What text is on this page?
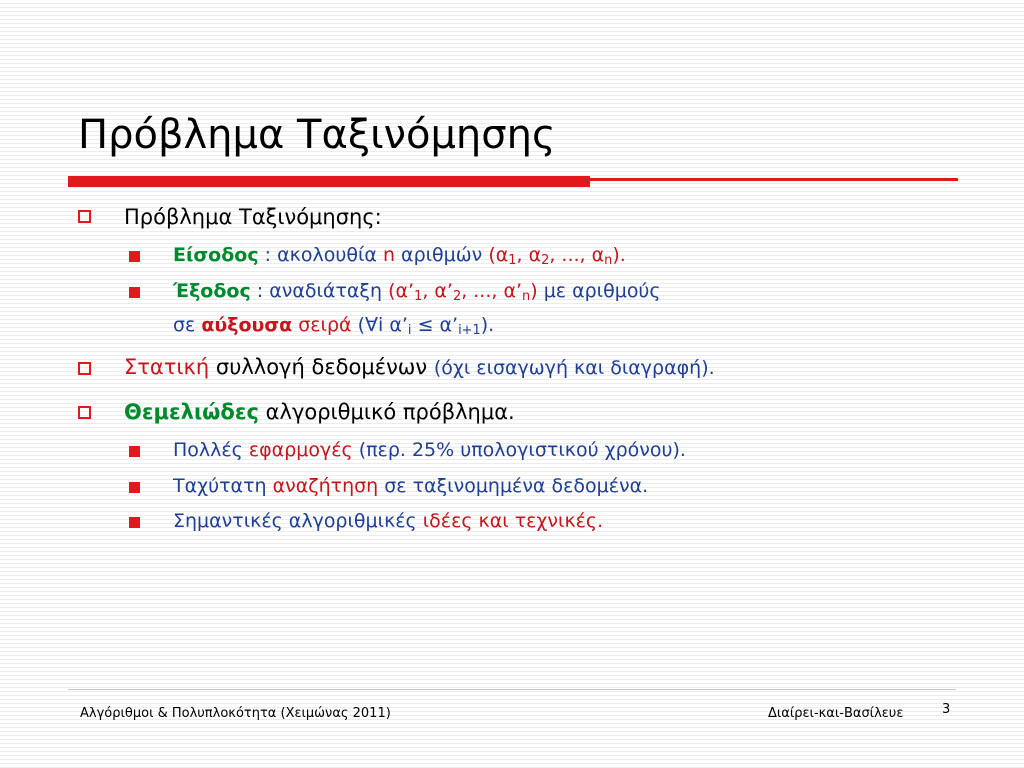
Πρόβλημα Ταξινόμησης
Πρόβλημα Ταξινόμησης:
Είσοδος : ακολουθία n αριθμών ($\alpha_1$, $\alpha_2$, ..., $\alpha_n$).
Έξοδος : αναδιάταξη ($\alpha’_1$, $\alpha’_2$, ..., $\alpha’_n$) με αριθμούς
σε αύξουσα σειρά (∀i $\alpha’_i$ ≤ $\alpha’_{i+1}$).
Στατική συλλογή δεδομένων (όχι εισαγωγή και διαγραφή).
Θεμελιώδες αλγοριθμικό πρόβλημα.
Πολλές εφαρμογές (περ. 25% υπολογιστικού χρόνου).
Ταχύτατη αναζήτηση σε ταξινομημένα δεδομένα.
Σημαντικές αλγοριθμικές ιδέες και τεχνικές.
Αλγόριθμοι & Πολυπλοκότητα (Χειμώνας 2011)	Διαίρει-και-Βασίλευε	3
